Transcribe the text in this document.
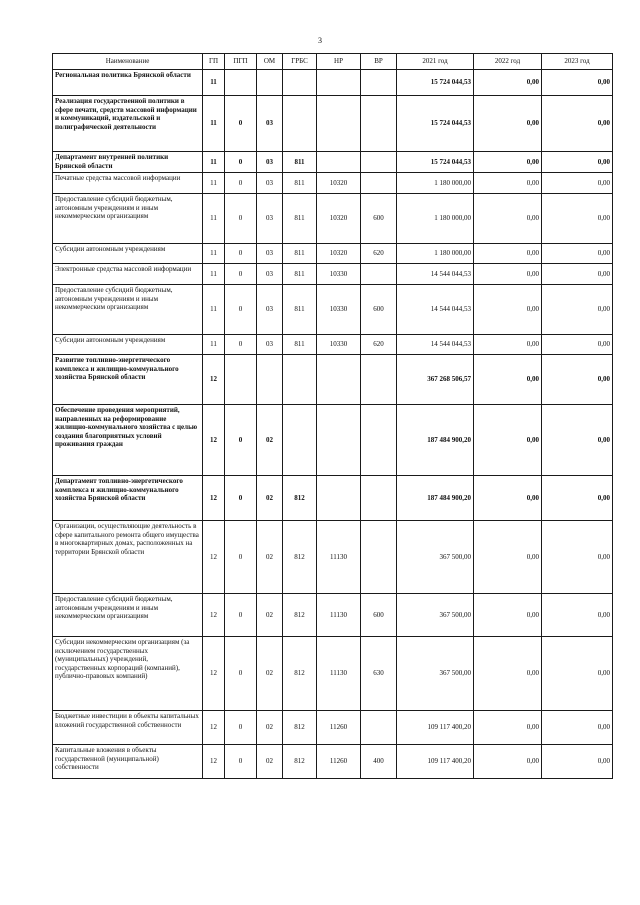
3
Наименование	ГП	ПГП	ОМ	ГРБС	НР	ВР	2021 год	2022 год	2023 год
Региональная политика Брянской области	11						15 724 044,53	0,00	0,00
Реализация государственной политики в сфере печати, средств массовой информации и коммуникаций, издательской и полиграфической деятельности	11	0	03				15 724 044,53	0,00	0,00
Департамент внутренней политики Брянской области	11	0	03	811			15 724 044,53	0,00	0,00
Печатные средства массовой информации	11	0	03	811	10320		1 180 000,00	0,00	0,00
Предоставление субсидий бюджетным, автономным учреждениям и иным некоммерческим организациям	11	0	03	811	10320	600	1 180 000,00	0,00	0,00
Субсидии автономным учреждениям	11	0	03	811	10320	620	1 180 000,00	0,00	0,00
Электронные средства массовой информации	11	0	03	811	10330		14 544 044,53	0,00	0,00
Предоставление субсидий бюджетным, автономным учреждениям и иным некоммерческим организациям	11	0	03	811	10330	600	14 544 044,53	0,00	0,00
Субсидии автономным учреждениям	11	0	03	811	10330	620	14 544 044,53	0,00	0,00
Развитие топливно-энергетического комплекса и жилищно-коммунального хозяйства Брянской области	12						367 268 506,57	0,00	0,00
Обеспечение проведения мероприятий, направленных на реформирование жилищно-коммунального хозяйства с целью создания благоприятных условий проживания граждан	12	0	02				187 484 900,20	0,00	0,00
Департамент топливно-энергетического комплекса и жилищно-коммунального хозяйства Брянской области	12	0	02	812			187 484 900,20	0,00	0,00
Организации, осуществляющие деятельность в сфере капитального ремонта общего имущества в многоквартирных домах, расположенных на территории Брянской области	12	0	02	812	11130		367 500,00	0,00	0,00
Предоставление субсидий бюджетным, автономным учреждениям и иным некоммерческим организациям	12	0	02	812	11130	600	367 500,00	0,00	0,00
Субсидии некоммерческим организациям (за исключением государственных (муниципальных) учреждений, государственных корпораций (компаний), публично-правовых компаний)	12	0	02	812	11130	630	367 500,00	0,00	0,00
Бюджетные инвестиции в объекты капитальных вложений государственной собственности	12	0	02	812	11260		109 117 400,20	0,00	0,00
Капитальные вложения в объекты государственной (муниципальной) собственности	12	0	02	812	11260	400	109 117 400,20	0,00	0,00
